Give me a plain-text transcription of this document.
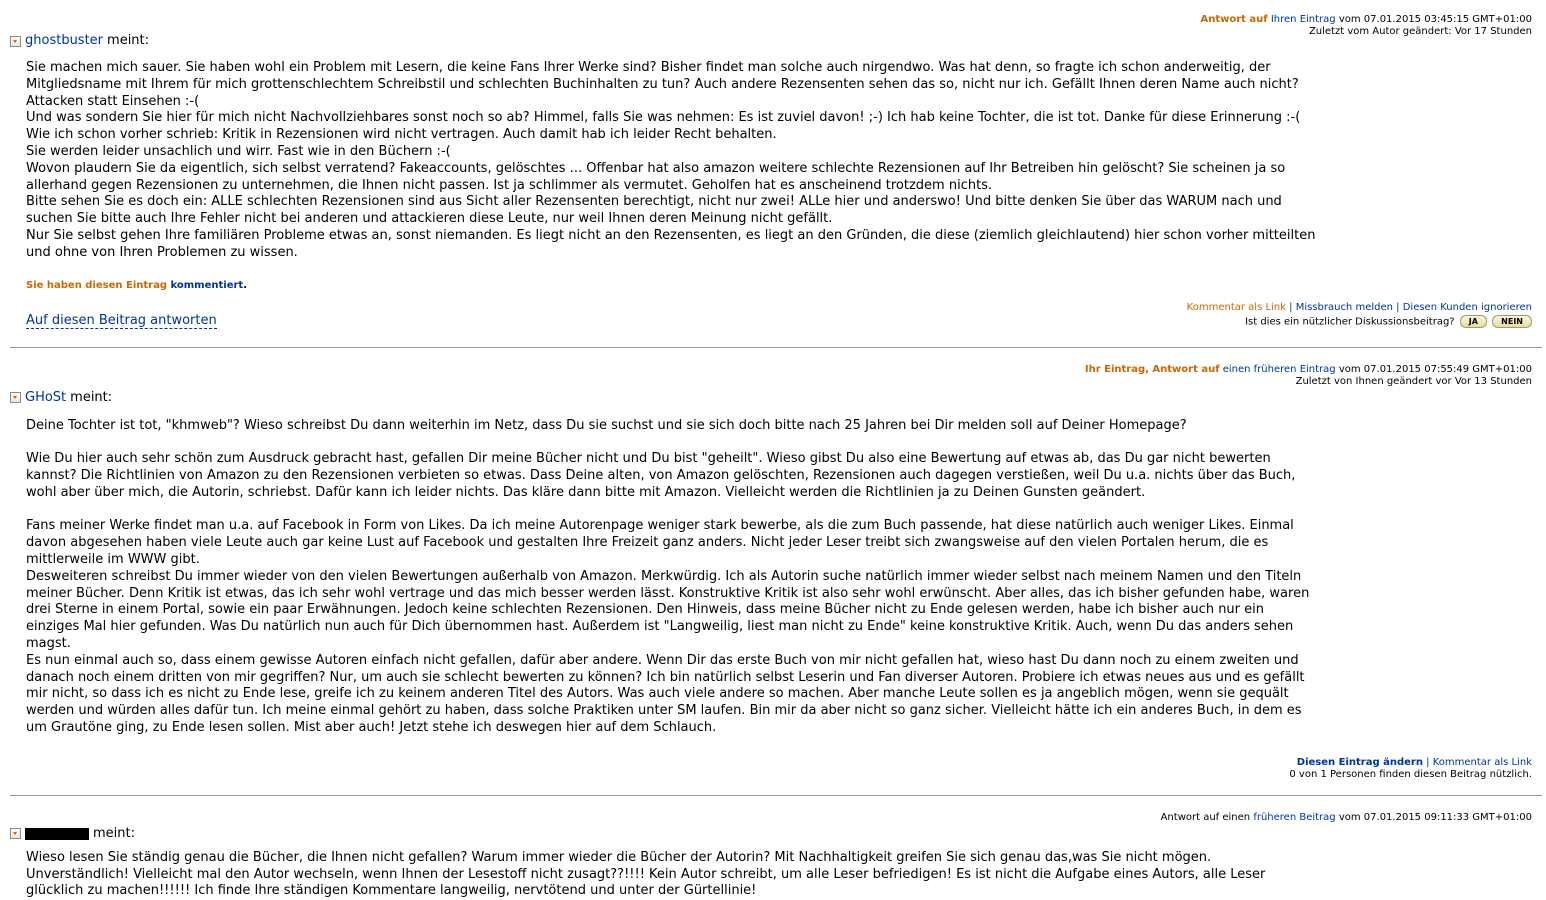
Antwort auf Ihren Eintrag vom 07.01.2015 03:45:15 GMT+01:00
Zuletzt vom Autor geändert: Vor 17 Stunden
ghostbuster meint:

Sie machen mich sauer. Sie haben wohl ein Problem mit Lesern, die keine Fans Ihrer Werke sind? Bisher findet man solche auch nirgendwo. Was hat denn, so fragte ich schon anderweitig, der Mitgliedsname mit Ihrem für mich grottenschlechtem Schreibstil und schlechten Buchinhalten zu tun? Auch andere Rezensenten sehen das so, nicht nur ich. Gefällt Ihnen deren Name auch nicht? Attacken statt Einsehen :-(

Und was sondern Sie hier für mich nicht Nachvollziehbares sonst noch so ab? Himmel, falls Sie was nehmen: Es ist zuviel davon! ;-) Ich hab keine Tochter, die ist tot. Danke für diese Erinnerung :-(

Wie ich schon vorher schrieb: Kritik in Rezensionen wird nicht vertragen. Auch damit hab ich leider Recht behalten.

Sie werden leider unsachlich und wirr. Fast wie in den Büchern :-(

Wovon plaudern Sie da eigentlich, sich selbst verratend? Fakeaccounts, gelöschtes ... Offenbar hat also amazon weitere schlechte Rezensionen auf Ihr Betreiben hin gelöscht? Sie scheinen ja so allerhand gegen Rezensionen zu unternehmen, die Ihnen nicht passen. Ist ja schlimmer als vermutet. Geholfen hat es anscheinend trotzdem nichts.

Bitte sehen Sie es doch ein: ALLE schlechten Rezensionen sind aus Sicht aller Rezensenten berechtigt, nicht nur zwei! ALLe hier und anderswo! Und bitte denken Sie über das WARUM nach und suchen Sie bitte auch Ihre Fehler nicht bei anderen und attackieren diese Leute, nur weil Ihnen deren Meinung nicht gefällt.

Nur Sie selbst gehen Ihre familiären Probleme etwas an, sonst niemanden. Es liegt nicht an den Rezensenten, es liegt an den Gründen, die diese (ziemlich gleichlautend) hier schon vorher mitteilten und ohne von Ihren Problemen zu wissen.

Sie haben diesen Eintrag kommentiert.
Auf diesen Beitrag antworten
Kommentar als Link | Missbrauch melden | Diesen Kunden ignorieren
Ist dies ein nützlicher Diskussionsbeitrag? JA	NEIN
Ihr Eintrag, Antwort auf einen früheren Eintrag vom 07.01.2015 07:55:49 GMT+01:00
Zuletzt von Ihnen geändert vor Vor 13 Stunden
GHoSt meint:

Deine Tochter ist tot, "khmweb"? Wieso schreibst Du dann weiterhin im Netz, dass Du sie suchst und sie sich doch bitte nach 25 Jahren bei Dir melden soll auf Deiner Homepage?

Wie Du hier auch sehr schön zum Ausdruck gebracht hast, gefallen Dir meine Bücher nicht und Du bist "geheilt". Wieso gibst Du also eine Bewertung auf etwas ab, das Du gar nicht bewerten kannst? Die Richtlinien von Amazon zu den Rezensionen verbieten so etwas. Dass Deine alten, von Amazon gelöschten, Rezensionen auch dagegen verstießen, weil Du u.a. nichts über das Buch, wohl aber über mich, die Autorin, schriebst. Dafür kann ich leider nichts. Das kläre dann bitte mit Amazon. Vielleicht werden die Richtlinien ja zu Deinen Gunsten geändert.

Fans meiner Werke findet man u.a. auf Facebook in Form von Likes. Da ich meine Autorenpage weniger stark bewerbe, als die zum Buch passende, hat diese natürlich auch weniger Likes. Einmal davon abgesehen haben viele Leute auch gar keine Lust auf Facebook und gestalten Ihre Freizeit ganz anders. Nicht jeder Leser treibt sich zwangsweise auf den vielen Portalen herum, die es mittlerweile im WWW gibt.

Desweiteren schreibst Du immer wieder von den vielen Bewertungen außerhalb von Amazon. Merkwürdig. Ich als Autorin suche natürlich immer wieder selbst nach meinem Namen und den Titeln meiner Bücher. Denn Kritik ist etwas, das ich sehr wohl vertrage und das mich besser werden lässt. Konstruktive Kritik ist also sehr wohl erwünscht. Aber alles, das ich bisher gefunden habe, waren drei Sterne in einem Portal, sowie ein paar Erwähnungen. Jedoch keine schlechten Rezensionen. Den Hinweis, dass meine Bücher nicht zu Ende gelesen werden, habe ich bisher auch nur ein einziges Mal hier gefunden. Was Du natürlich nun auch für Dich übernommen hast. Außerdem ist "Langweilig, liest man nicht zu Ende" keine konstruktive Kritik. Auch, wenn Du das anders sehen magst.

Es nun einmal auch so, dass einem gewisse Autoren einfach nicht gefallen, dafür aber andere. Wenn Dir das erste Buch von mir nicht gefallen hat, wieso hast Du dann noch zu einem zweiten und danach noch einem dritten von mir gegriffen? Nur, um auch sie schlecht bewerten zu können? Ich bin natürlich selbst Leserin und Fan diverser Autoren. Probiere ich etwas neues aus und es gefällt mir nicht, so dass ich es nicht zu Ende lese, greife ich zu keinem anderen Titel des Autors. Was auch viele andere so machen. Aber manche Leute sollen es ja angeblich mögen, wenn sie gequält werden und würden alles dafür tun. Ich meine einmal gehört zu haben, dass solche Praktiken unter SM laufen. Bin mir da aber nicht so ganz sicher. Vielleicht hätte ich ein anderes Buch, in dem es um Grautöne ging, zu Ende lesen sollen. Mist aber auch! Jetzt stehe ich deswegen hier auf dem Schlauch.

Diesen Eintrag ändern | Kommentar als Link
0 von 1 Personen finden diesen Beitrag nützlich.
Antwort auf einen früheren Beitrag vom 07.01.2015 09:11:33 GMT+01:00
meint:

Wieso lesen Sie ständig genau die Bücher, die Ihnen nicht gefallen? Warum immer wieder die Bücher der Autorin? Mit Nachhaltigkeit greifen Sie sich genau das,was Sie nicht mögen. Unverständlich! Vielleicht mal den Autor wechseln, wenn Ihnen der Lesestoff nicht zusagt??!!!! Kein Autor schreibt, um alle Leser befriedigen! Es ist nicht die Aufgabe eines Autors, alle Leser glücklich zu machen!!!!!! Ich finde Ihre ständigen Kommentare langweilig, nervtötend und unter der Gürtellinie!
